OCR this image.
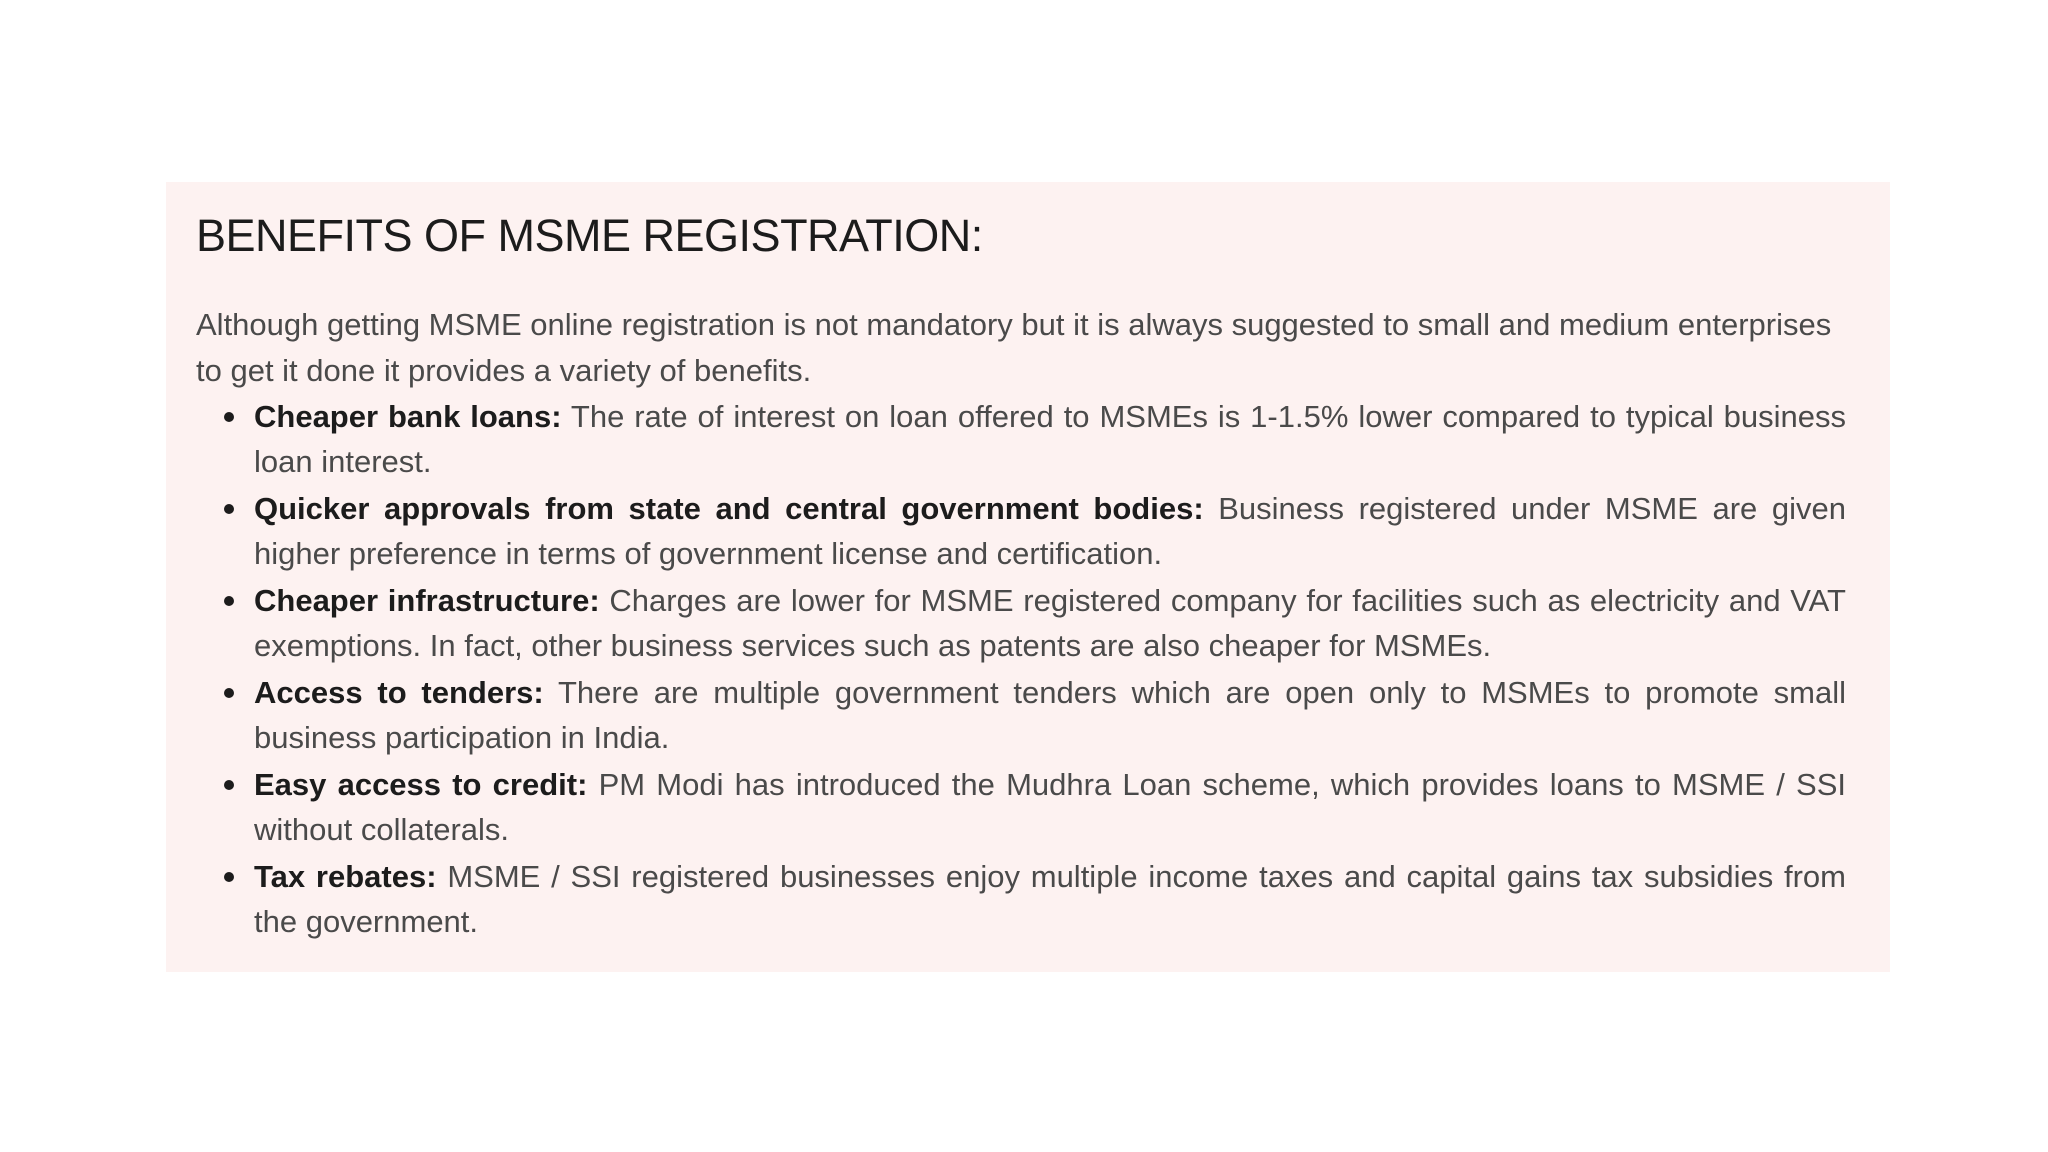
BENEFITS OF MSME REGISTRATION:

Although getting MSME online registration is not mandatory but it is always suggested to small and medium enterprises to get it done it provides a variety of benefits.

Cheaper bank loans: The rate of interest on loan offered to MSMEs is 1-1.5% lower compared to typical business loan interest.
Quicker approvals from state and central government bodies: Business registered under MSME are given higher preference in terms of government license and certification.
Cheaper infrastructure: Charges are lower for MSME registered company for facilities such as electricity and VAT exemptions. In fact, other business services such as patents are also cheaper for MSMEs.
Access to tenders: There are multiple government tenders which are open only to MSMEs to promote small business participation in India.
Easy access to credit: PM Modi has introduced the Mudhra Loan scheme, which provides loans to MSME / SSI without collaterals.
Tax rebates: MSME / SSI registered businesses enjoy multiple income taxes and capital gains tax subsidies from the government.
